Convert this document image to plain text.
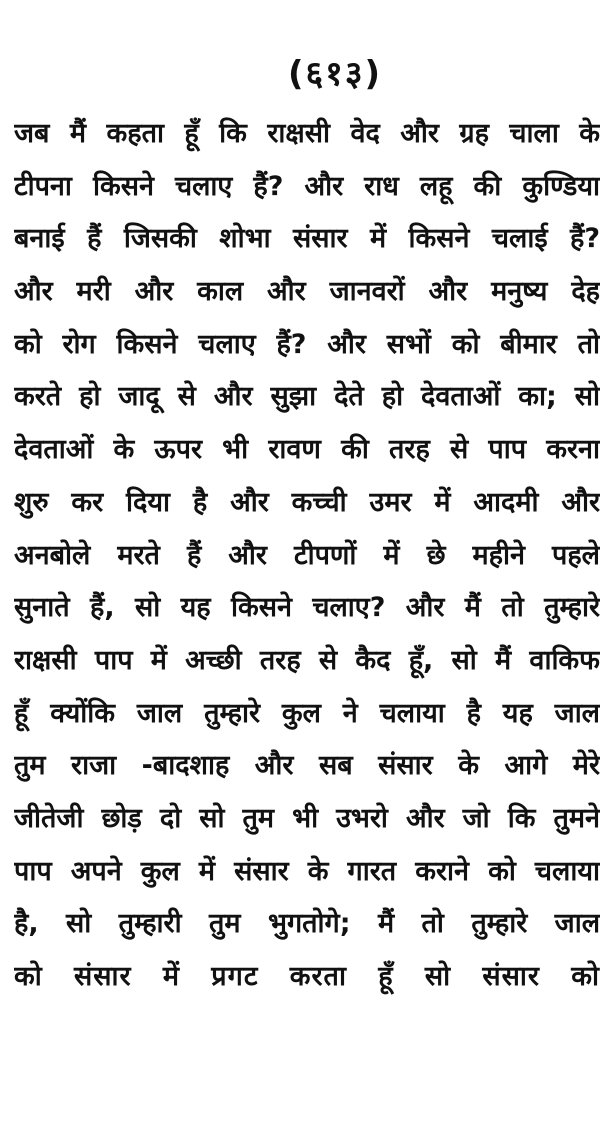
(६१३)
जब मैं कहता हूँ कि राक्षसी वेद और ग्रह चाला के
टीपना किसने चलाए हैं? और राध लहू की कुण्डिया
बनाई हैं जिसकी शोभा संसार में किसने चलाई हैं?
और मरी और काल और जानवरों और मनुष्य देह
को रोग किसने चलाए हैं? और सभों को बीमार तो
करते हो जादू से और सुझा देते हो देवताओं का; सो
देवताओं के ऊपर भी रावण की तरह से पाप करना
शुरु कर दिया है और कच्ची उमर में आदमी और
अनबोले मरते हैं और टीपणों में छे महीने पहले
सुनाते हैं, सो यह किसने चलाए? और मैं तो तुम्हारे
राक्षसी पाप में अच्छी तरह से कैद हूँ, सो मैं वाकिफ
हूँ क्योंकि जाल तुम्हारे कुल ने चलाया है यह जाल
तुम राजा -बादशाह और सब संसार के आगे मेरे
जीतेजी छोड़ दो सो तुम भी उभरो और जो कि तुमने
पाप अपने कुल में संसार के गारत कराने को चलाया
है, सो तुम्हारी तुम भुगतोगे; मैं तो तुम्हारे जाल
को संसार में प्रगट करता हूँ सो संसार को
